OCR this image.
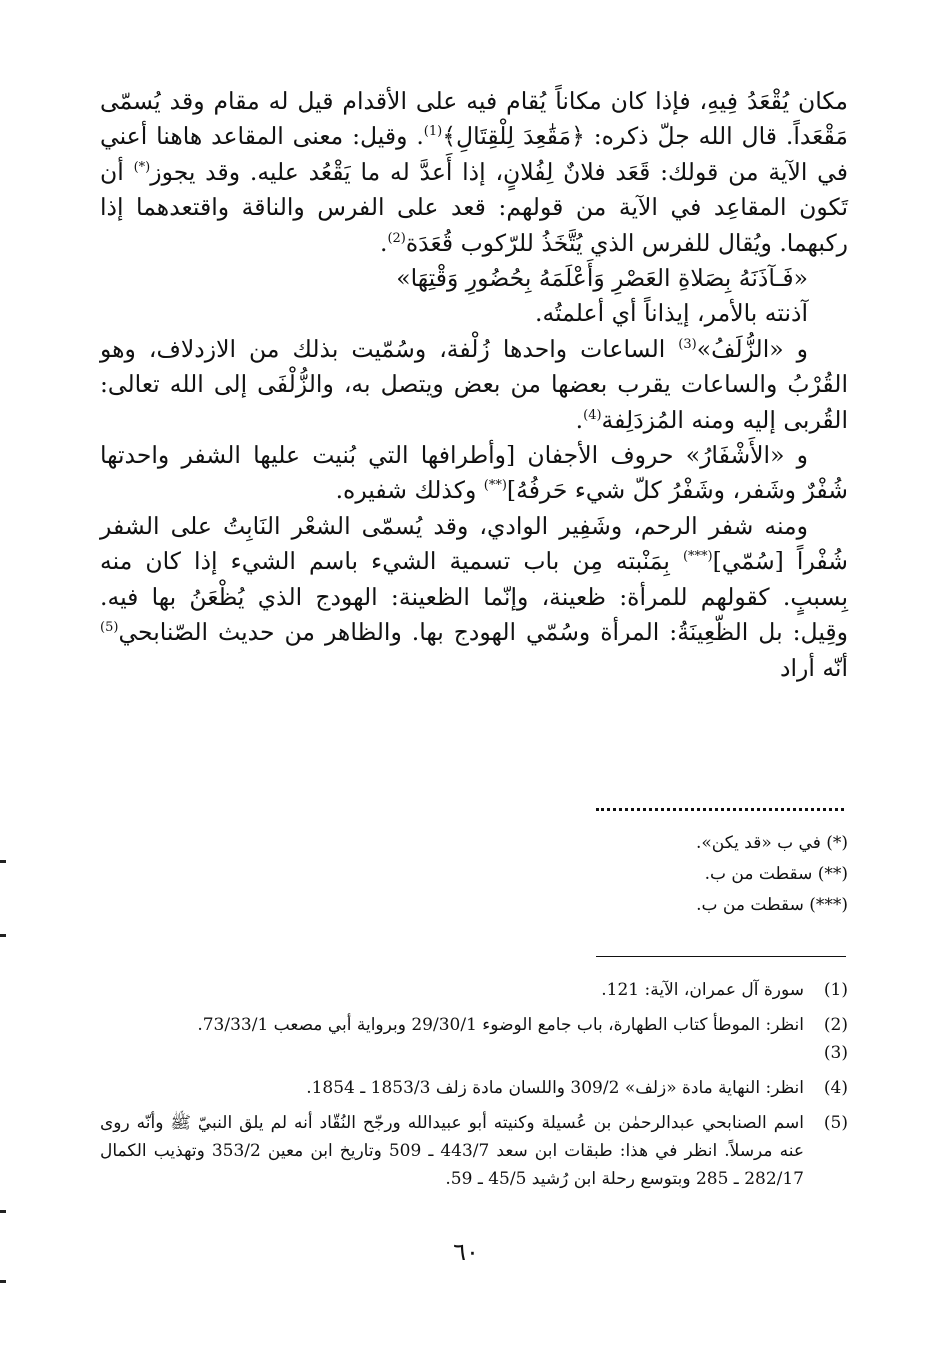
مكان يُقْعَدُ فِيهِ، فإذا كان مكاناً يُقام فيه على الأقدام قيل له مقام وقد يُسمّى مَقْعَداً. قال الله جلّ ذكره: ﴿مَقَٰعِدَ لِلْقِتَالِ﴾$^{(1)}$. وقيل: معنى المقاعد هاهنا أعني في الآية من قولك: قَعَد فلانٌ لِفُلانٍ، إذا أَعدَّ له ما يَقْعُد عليه. وقد يجوز(*) أن تَكون المقاعِد في الآية من قولهم: قعد على الفرس والناقة واقتعدهما إذا ركبهما. ويُقال للفرس الذي يُتَّخَذُ للرّكوب قُعَدَة$^{(2)}$.

«فَـآذَنَهُ بِصَلاةِ العَصْرِ وَأَعْلَمَهُ بِحُضُورِ وَقْتِهَا»

آذنته بالأمر، إيذاناً أي أعلمتُه.

و «الزُّلَفُ»$^{(3)}$ الساعات واحدها زُلْفة، وسُمّيت بذلك من الازدلاف، وهو القُرْبُ والساعات يقرب بعضها من بعض ويتصل به، والزُّلْفَى إلى الله تعالى: القُربى إليه ومنه المُزدَلِفة$^{(4)}$.

و «الأَشْفَارُ» حروف الأجفان [وأطرافها التي بُنيت عليها الشفر واحدتها شُفْرٌ وشَفر، وشَفْرُ كلّ شيء حَرفُهُ](**) وكذلك شفيره.

ومنه شفر الرحم، وشَفِير الوادي، وقد يُسمّى الشعْر النَابِتُ على الشفر شُفْراً [سُمّي](***) بِمَنْبته مِن باب تسمية الشيء باسم الشيء إذا كان منه بِسببٍ. كقولهم للمرأة: ظعينة، وإنّما الظعينة: الهودج الذي يُظْعَنُ بها فيه. وقِيل: بل الظّعِينَةُ: المرأة وسُمّي الهودج بها. والظاهر من حديث الصّنابحي$^{(5)}$ أنّه أراد

(*) في ب «قد يكن».

(**) سقطت من ب.

(***) سقطت من ب.

(1)
سورة آل عمران، الآية: 121.
(2)(3)
انظر: الموطأ كتاب الطهارة، باب جامع الوضوء 29/30/1 وبرواية أبي مصعب 73/33/1.
(4)
انظر: النهاية مادة «زلف» 309/2 واللسان مادة زلف 1853/3 ـ 1854.
(5)
اسم الصنابحي عبدالرحمٰن بن عُسيلة وكنيته أبو عبيدالله ورجّح النُقّاد أنه لم يلق النبيّ ﷺ وأنّه روى عنه مرسلاً. انظر في هذا: طبقات ابن سعد 443/7 ـ 509 وتاريخ ابن معين 353/2 وتهذيب الكمال 282/17 ـ 285 وبتوسع رحلة ابن رُشيد 45/5 ـ 59.
٦٠
